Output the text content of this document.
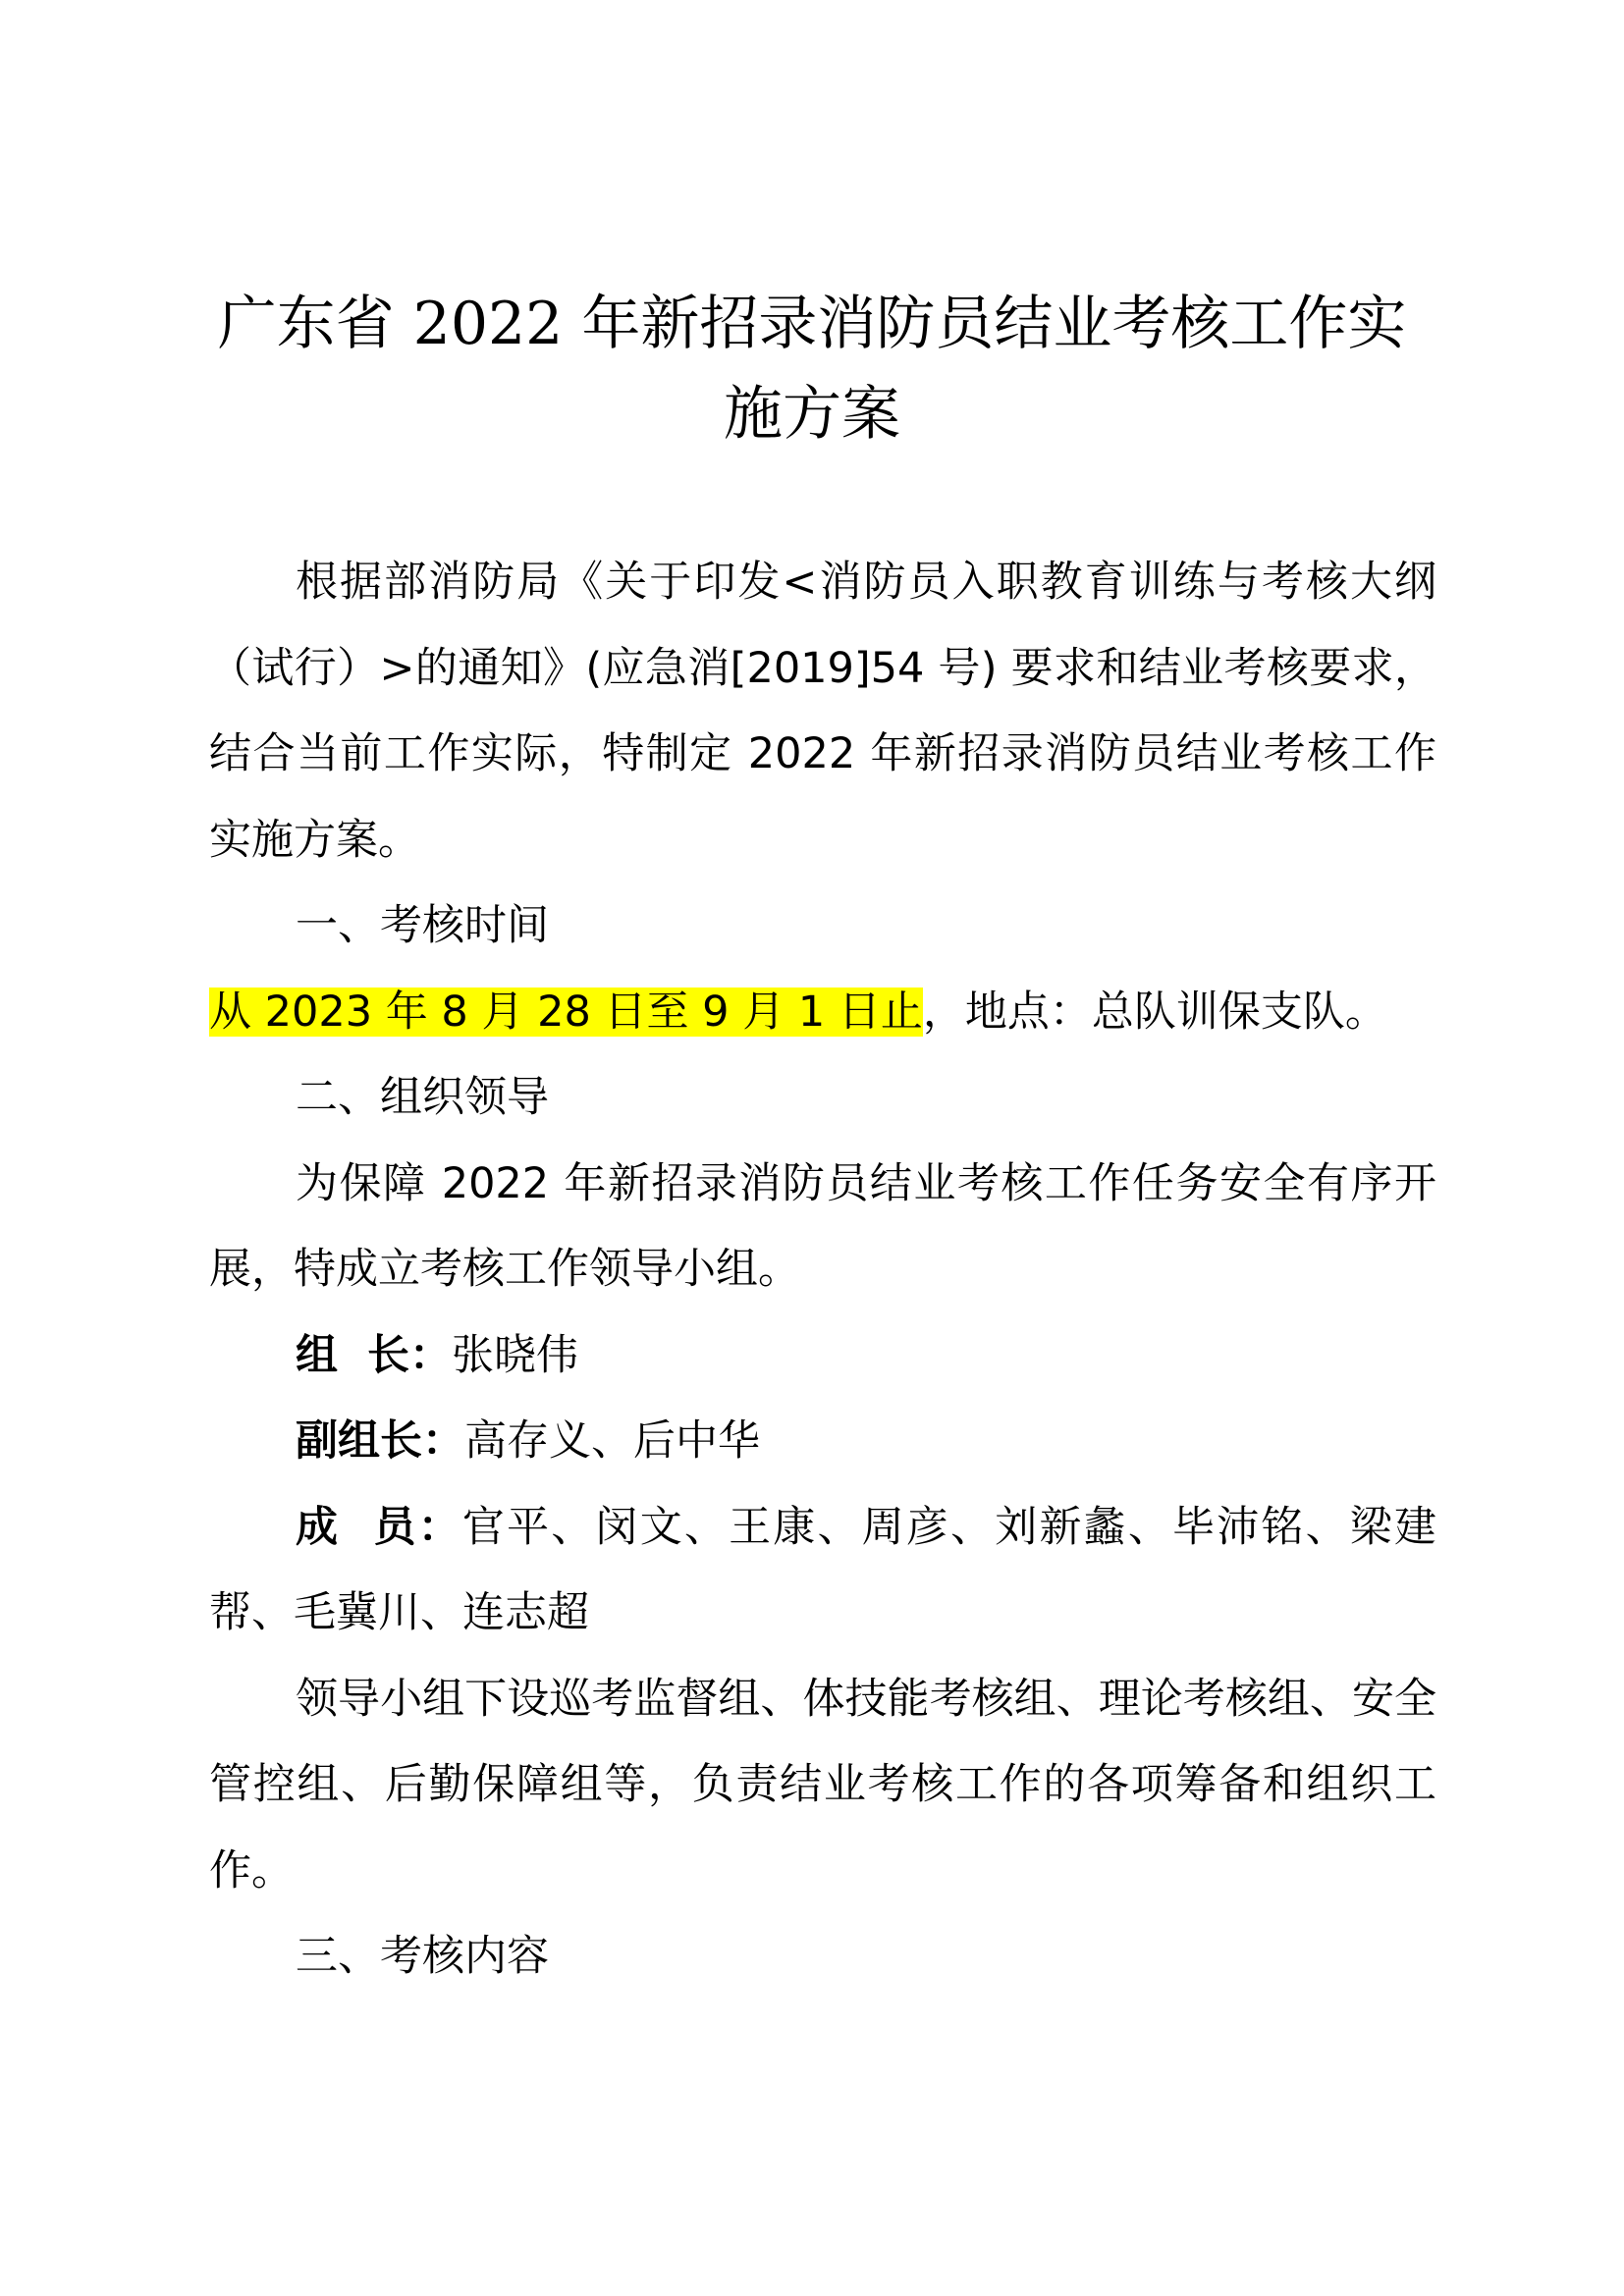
广东省 2022 年新招录消防员结业考核工作实
施方案

根据部消防局《关于印发<消防员入职教育训练与考核大纲（试行）>的通知》(应急消[2019]54 号) 要求和结业考核要求，结合当前工作实际，特制定 2022 年新招录消防员结业考核工作实施方案。

一、考核时间

从 2023 年 8 月 28 日至 9 月 1 日止，地点：总队训保支队。

二、组织领导

为保障 2022 年新招录消防员结业考核工作任务安全有序开展，特成立考核工作领导小组。

组  长：张晓伟

副组长：高存义、后中华

成  员：官平、闵文、王康、周彦、刘新蠡、毕沛铭、梁建帮、毛冀川、连志超

领导小组下设巡考监督组、体技能考核组、理论考核组、安全管控组、后勤保障组等，负责结业考核工作的各项筹备和组织工作。

三、考核内容
